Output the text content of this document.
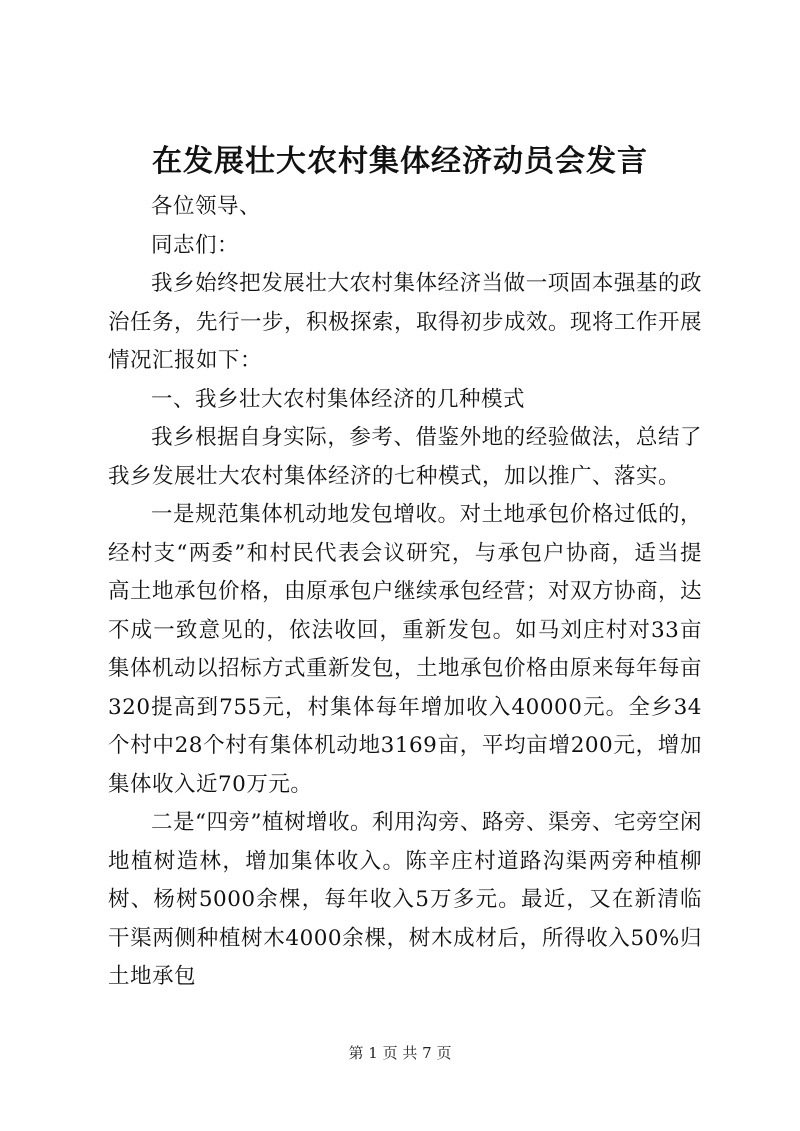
在发展壮大农村集体经济动员会发言

各位领导、

同志们：

我乡始终把发展壮大农村集体经济当做一项固本强基的政治任务，先行一步，积极探索，取得初步成效。现将工作开展情况汇报如下：

一、我乡壮大农村集体经济的几种模式

我乡根据自身实际，参考、借鉴外地的经验做法，总结了我乡发展壮大农村集体经济的七种模式，加以推广、落实。

一是规范集体机动地发包增收。对土地承包价格过低的，经村支“两委”和村民代表会议研究，与承包户协商，适当提高土地承包价格，由原承包户继续承包经营；对双方协商，达不成一致意见的，依法收回，重新发包。如马刘庄村对33亩集体机动以招标方式重新发包，土地承包价格由原来每年每亩320提高到755元，村集体每年增加收入40000元。全乡34个村中28个村有集体机动地3169亩，平均亩增200元，增加集体收入近70万元。

二是“四旁”植树增收。利用沟旁、路旁、渠旁、宅旁空闲地植树造林，增加集体收入。陈辛庄村道路沟渠两旁种植柳树、杨树5000余棵，每年收入5万多元。最近，又在新清临干渠两侧种植树木4000余棵，树木成材后，所得收入50%归土地承包

第 1 页 共 7 页
